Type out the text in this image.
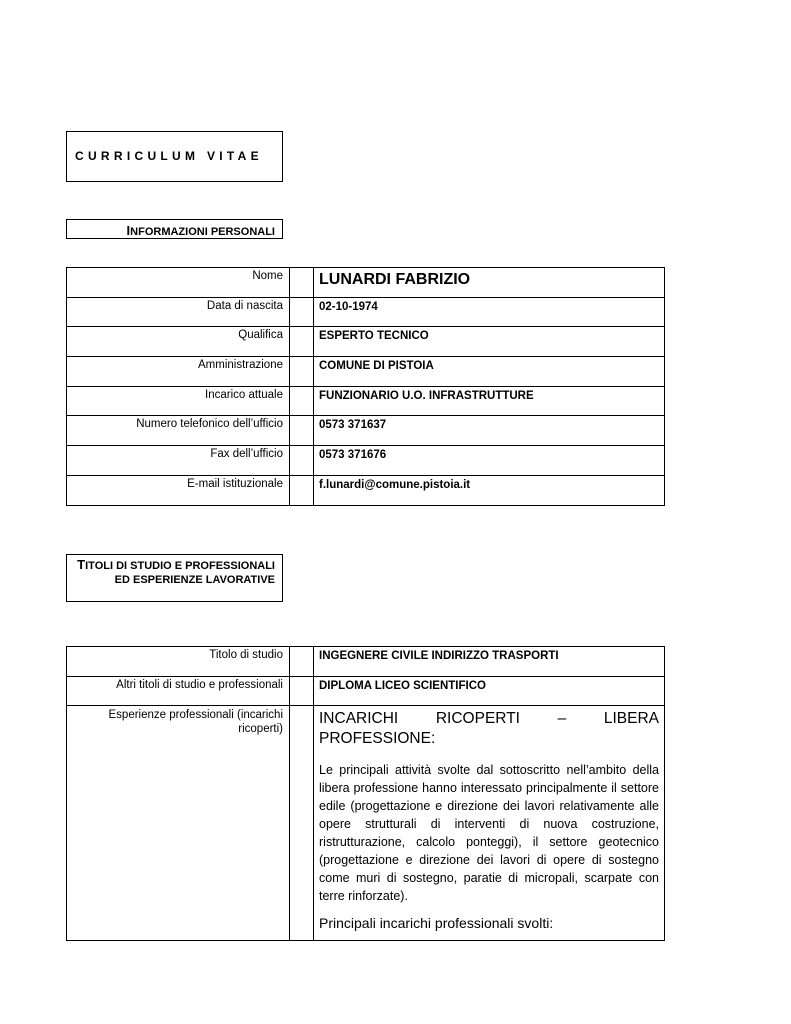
CURRICULUM VITAE
INFORMAZIONI PERSONALI
Nome		LUNARDI FABRIZIO
Data di nascita		02-10-1974
Qualifica		ESPERTO TECNICO
Amministrazione		COMUNE DI PISTOIA
Incarico attuale		FUNZIONARIO U.O. INFRASTRUTTURE
Numero telefonico dell’ufficio		0573 371637
Fax dell’ufficio		0573 371676
E-mail istituzionale		f.lunardi@comune.pistoia.it
TITOLI DI STUDIO E PROFESSIONALI ED ESPERIENZE LAVORATIVE
Titolo di studio		INGEGNERE CIVILE INDIRIZZO TRASPORTI
Altri titoli di studio e professionali		DIPLOMA LICEO SCIENTIFICO
Esperienze professionali (incarichi ricoperti)		INCARICHI RICOPERTI – LIBERA PROFESSIONE:
Le principali attività svolte dal sottoscritto nell’ambito della libera professione hanno interessato principalmente il settore edile (progettazione e direzione dei lavori relativamente alle opere strutturali di interventi di nuova costruzione, ristrutturazione, calcolo ponteggi), il settore geotecnico (progettazione e direzione dei lavori di opere di sostegno come muri di sostegno, paratie di micropali, scarpate con terre rinforzate).
Principali incarichi professionali svolti:
